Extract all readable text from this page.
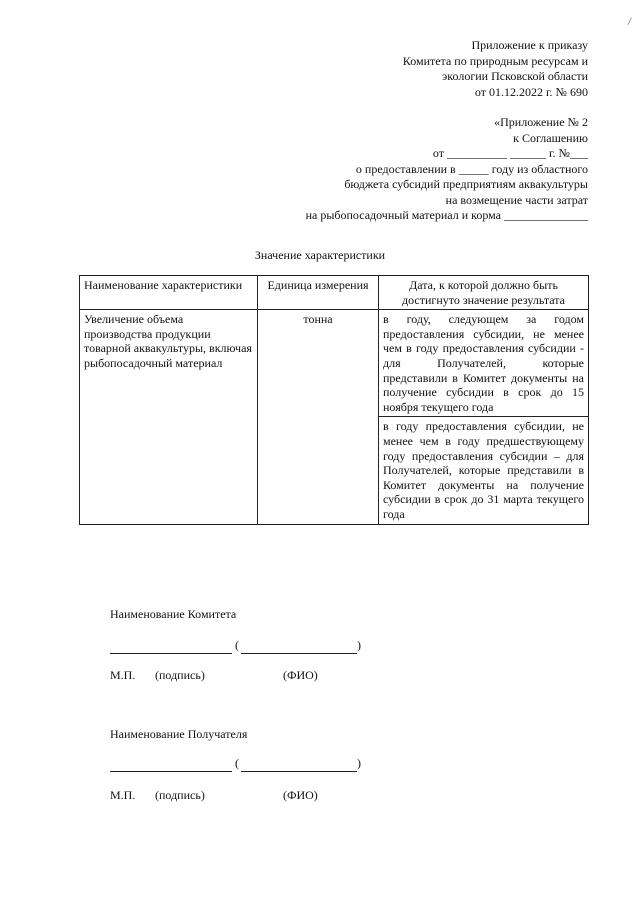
Приложение к приказу
Комитета по природным ресурсам и
экологии Псковской области
от 01.12.2022 г. № 690
«Приложение № 2
к Соглашению
от __________ ______ г. №___
о предоставлении в _____ году из областного
бюджета субсидий предприятиям аквакультуры
на возмещение части затрат
на рыбопосадочный материал и корма ______________
Значение характеристики
Наименование характеристики	Единица измерения	Дата, к которой должно быть достигнуто значение результата
Увеличение объема производства продукции товарной аквакультуры, включая рыбопосадочный материал	тонна	в году, следующем за годом предоставления субсидии, не менее чем в году предоставления субсидии - для Получателей, которые представили в Комитет документы на получение субсидии в срок до 15 ноября текущего года
		в году предоставления субсидии, не менее чем в году предшествующему году предоставления субсидии – для Получателей, которые представили в Комитет документы на получение субсидии в срок до 31 марта текущего года
Наименование Комитета
(	)
М.П. (подпись)	(ФИО)
Наименование Получателя
(	)
М.П. (подпись)	(ФИО)
